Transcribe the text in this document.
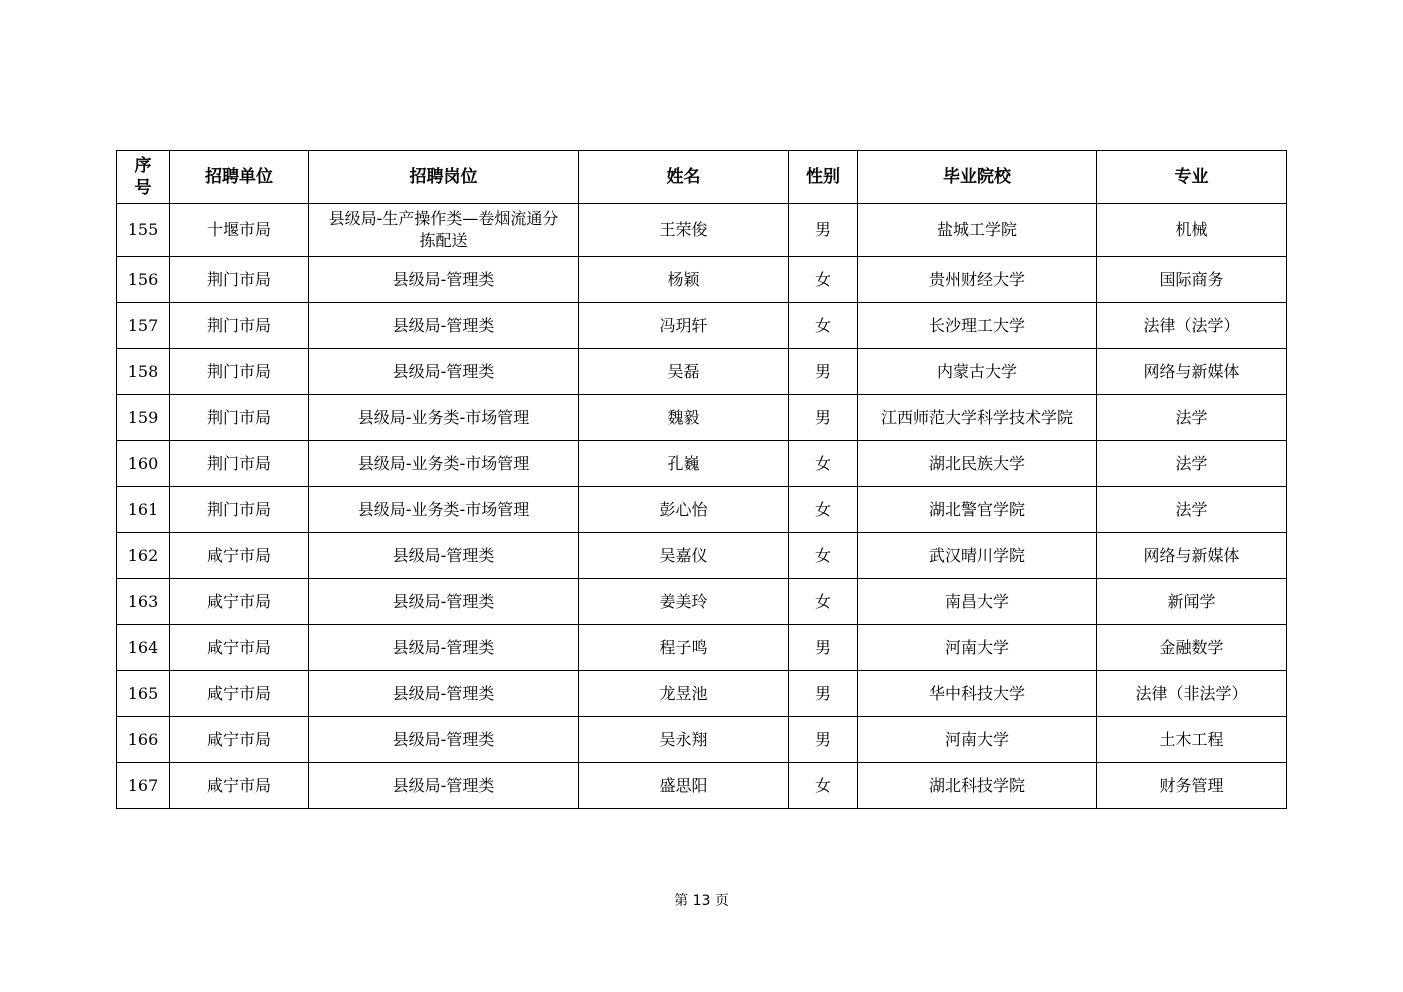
序
号	招聘单位	招聘岗位	姓名	性别	毕业院校	专业
155	十堰市局	县级局-生产操作类—卷烟流通分拣配送	王荣俊	男	盐城工学院	机械
156	荆门市局	县级局-管理类	杨颖	女	贵州财经大学	国际商务
157	荆门市局	县级局-管理类	冯玥轩	女	长沙理工大学	法律（法学）
158	荆门市局	县级局-管理类	吴磊	男	内蒙古大学	网络与新媒体
159	荆门市局	县级局-业务类-市场管理	魏毅	男	江西师范大学科学技术学院	法学
160	荆门市局	县级局-业务类-市场管理	孔巍	女	湖北民族大学	法学
161	荆门市局	县级局-业务类-市场管理	彭心怡	女	湖北警官学院	法学
162	咸宁市局	县级局-管理类	吴嘉仪	女	武汉晴川学院	网络与新媒体
163	咸宁市局	县级局-管理类	姜美玲	女	南昌大学	新闻学
164	咸宁市局	县级局-管理类	程子鸣	男	河南大学	金融数学
165	咸宁市局	县级局-管理类	龙昱池	男	华中科技大学	法律（非法学）
166	咸宁市局	县级局-管理类	吴永翔	男	河南大学	土木工程
167	咸宁市局	县级局-管理类	盛思阳	女	湖北科技学院	财务管理
第 13 页
